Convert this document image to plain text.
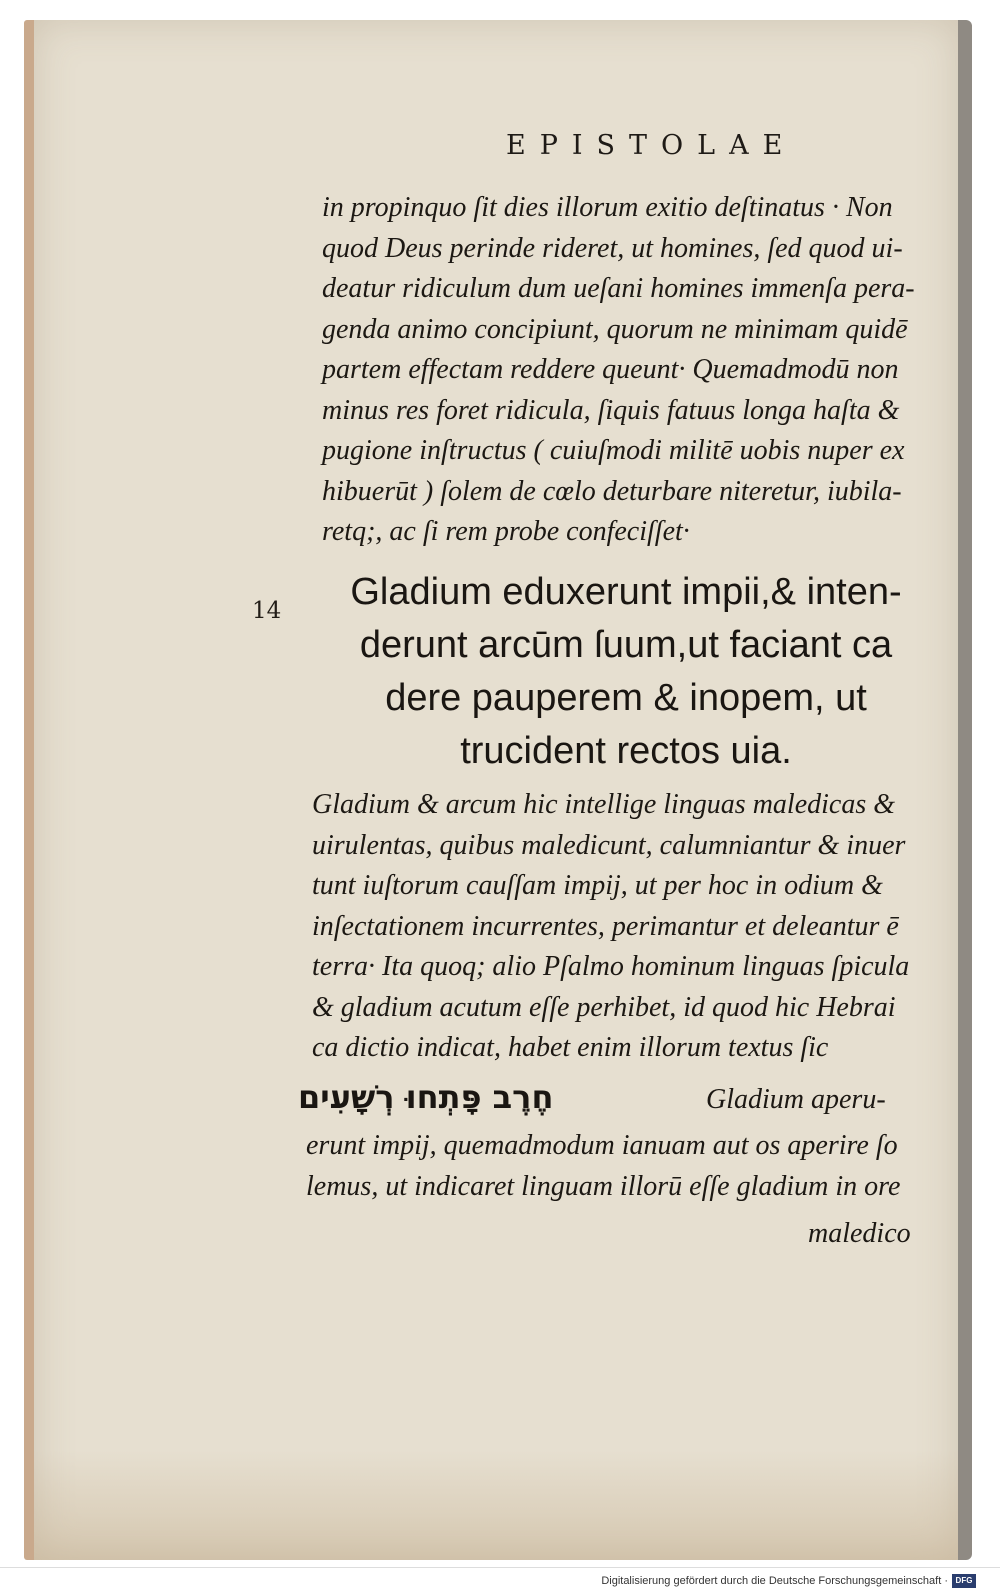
EPISTOLAE
in propinquo ſit dies illorum exitio deſtinatus · Non
quod Deus perinde rideret, ut homines, ſed quod ui-
deatur ridiculum dum ueſani homines immenſa pera-
genda animo concipiunt, quorum ne minimam quidē
partem effectam reddere queunt· Quemadmodū non
minus res foret ridicula, ſiquis fatuus longa haſta &
pugione inſtructus ( cuiuſmodi militē uobis nuper ex
hibuerūt ) ſolem de cœlo deturbare niteretur, iubila-
retq;, ac ſi rem probe confeciſſet·
14	Gladium eduxerunt impii,& inten-
derunt arcūm ſuum,ut faciant ca
dere pauperem & inopem, ut
trucident rectos uia.
Gladium & arcum hic intellige linguas maledicas &
uirulentas, quibus maledicunt, calumniantur & inuer
tunt iuſtorum cauſſam impij, ut per hoc in odium &
inſectationem incurrentes, perimantur et deleantur ē
terra· Ita quoq; alio Pſalmo hominum linguas ſpicula
& gladium acutum eſſe perhibet, id quod hic Hebrai
ca dictio indicat, habet enim illorum textus ſic
חֶרֶב פָּתְחוּ רְשָׁעִים	Gladium aperu-
erunt impij, quemadmodum ianuam aut os aperire ſo
lemus, ut indicaret linguam illorū eſſe gladium in ore
maledico
Digitalisierung gefördert durch die Deutsche Forschungsgemeinschaft · DFG
